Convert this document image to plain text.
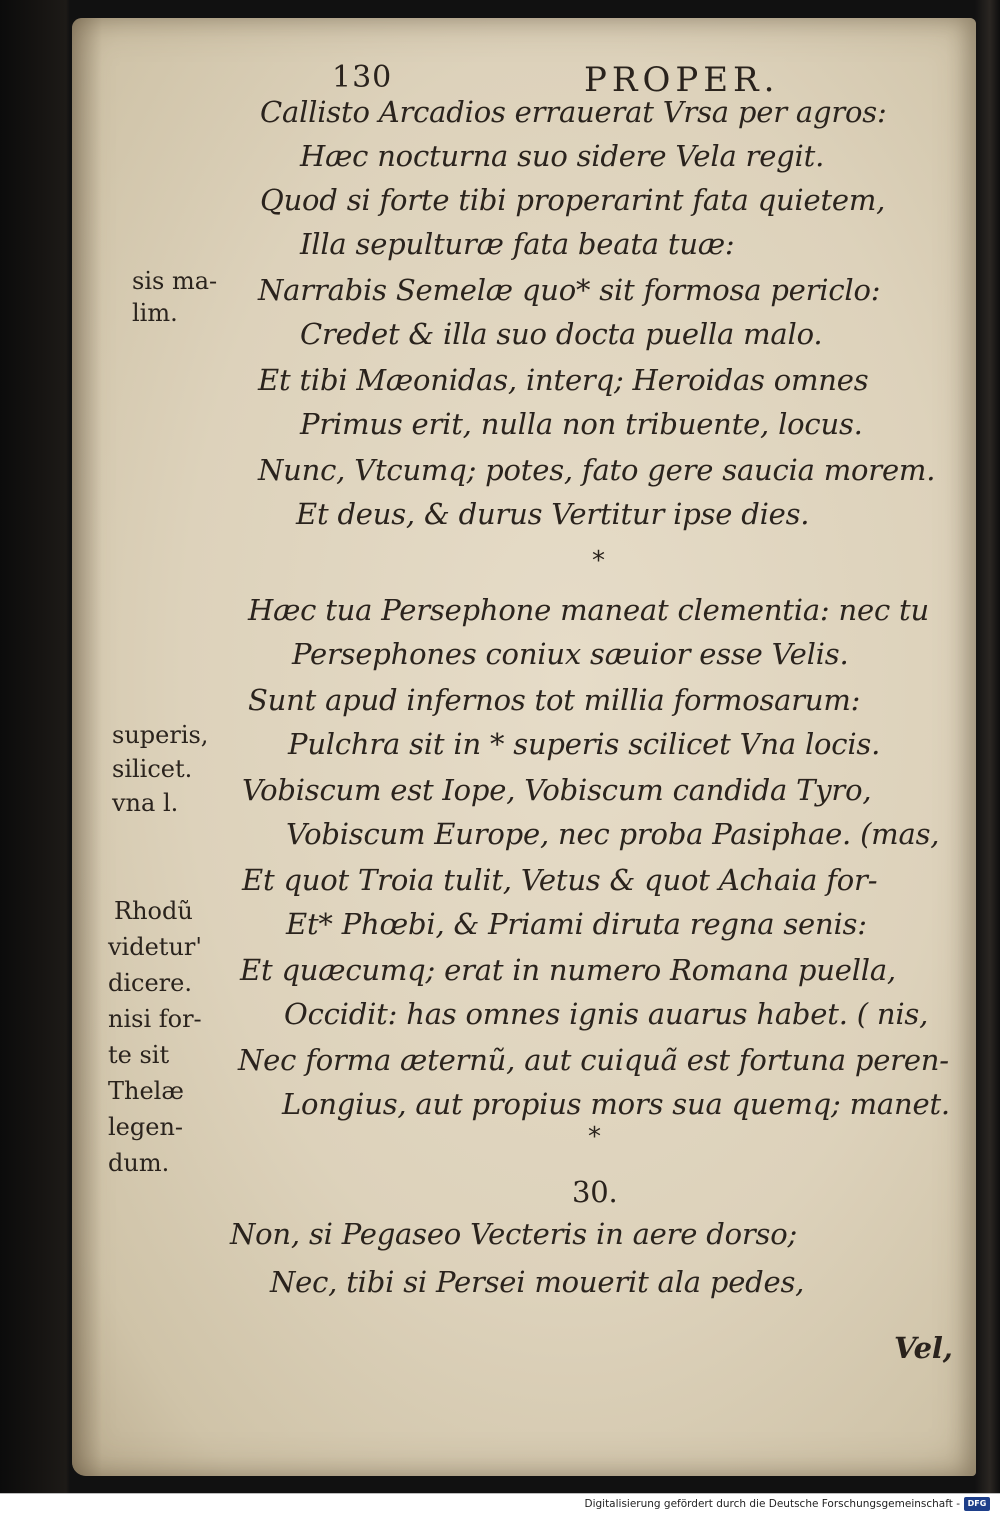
130	PROPER.
Callisto Arcadios errauerat Vrsa per agros:
Hæc nocturna suo sidere Vela regit.
Quod si forte tibi properarint fata quietem,
Illa sepulturæ fata beata tuæ:
Narrabis Semelæ quo* sit formosa periclo:
Credet & illa suo docta puella malo.
Et tibi Mæonidas, interq; Heroidas omnes
Primus erit, nulla non tribuente, locus.
Nunc, Vtcumq; potes, fato gere saucia morem.
Et deus, & durus Vertitur ipse dies.
*
Hæc tua Persephone maneat clementia: nec tu
Persephones coniux sæuior esse Velis.
Sunt apud infernos tot millia formosarum:
Pulchra sit in * superis scilicet Vna locis.
Vobiscum est Iope, Vobiscum candida Tyro,
Vobiscum Europe, nec proba Pasiphae. (mas,
Et quot Troia tulit, Vetus & quot Achaia for-
Et* Phœbi, & Priami diruta regna senis:
Et quæcumq; erat in numero Romana puella,
Occidit: has omnes ignis auarus habet. ( nis,
Nec forma æternũ, aut cuiquã est fortuna peren-
Longius, aut propius mors sua quemq; manet.
*
30.
Non, si Pegaseo Vecteris in aere dorso;
Nec, tibi si Persei mouerit ala pedes,
Vel,
sis ma-
lim.
superis,
silicet.
vna l.
Rhodũ
videtur'
dicere.
nisi for-
te sit
Thelæ
legen-
dum.
Digitalisierung gefördert durch die Deutsche Forschungsgemeinschaft - DFG
